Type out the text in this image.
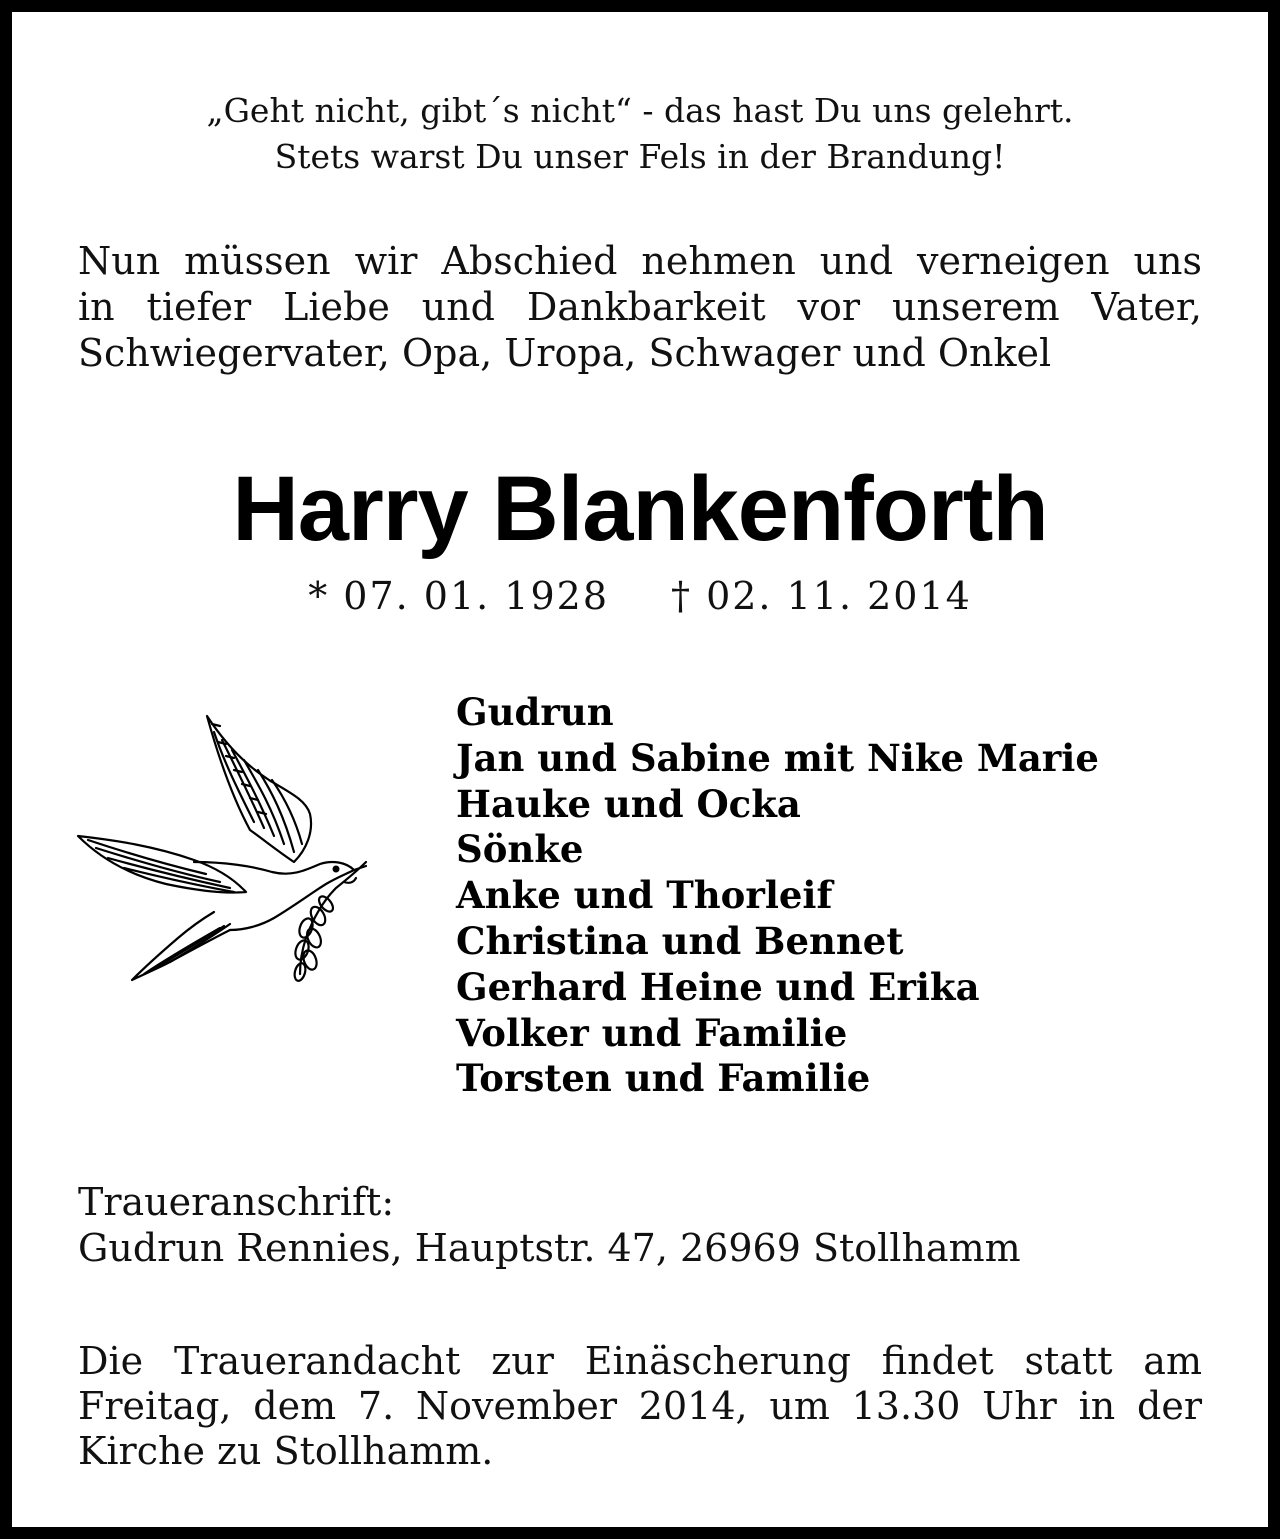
„Geht nicht, gibt´s nicht“ - das hast Du uns gelehrt.
Stets warst Du unser Fels in der Brandung!
Nun müssen wir Abschied nehmen und verneigen uns
in tiefer Liebe und Dankbarkeit vor unserem Vater,
Schwiegervater, Opa, Uropa, Schwager und Onkel
Harry Blankenforth
* 07. 01. 1928 † 02. 11. 2014
Gudrun
Jan und Sabine mit Nike Marie
Hauke und Ocka
Sönke
Anke und Thorleif
Christina und Bennet
Gerhard Heine und Erika
Volker und Familie
Torsten und Familie
Traueranschrift:
Gudrun Rennies, Hauptstr. 47, 26969 Stollhamm
Die Trauerandacht zur Einäscherung findet statt am
Freitag, dem 7. November 2014, um 13.30 Uhr in der
Kirche zu Stollhamm.
